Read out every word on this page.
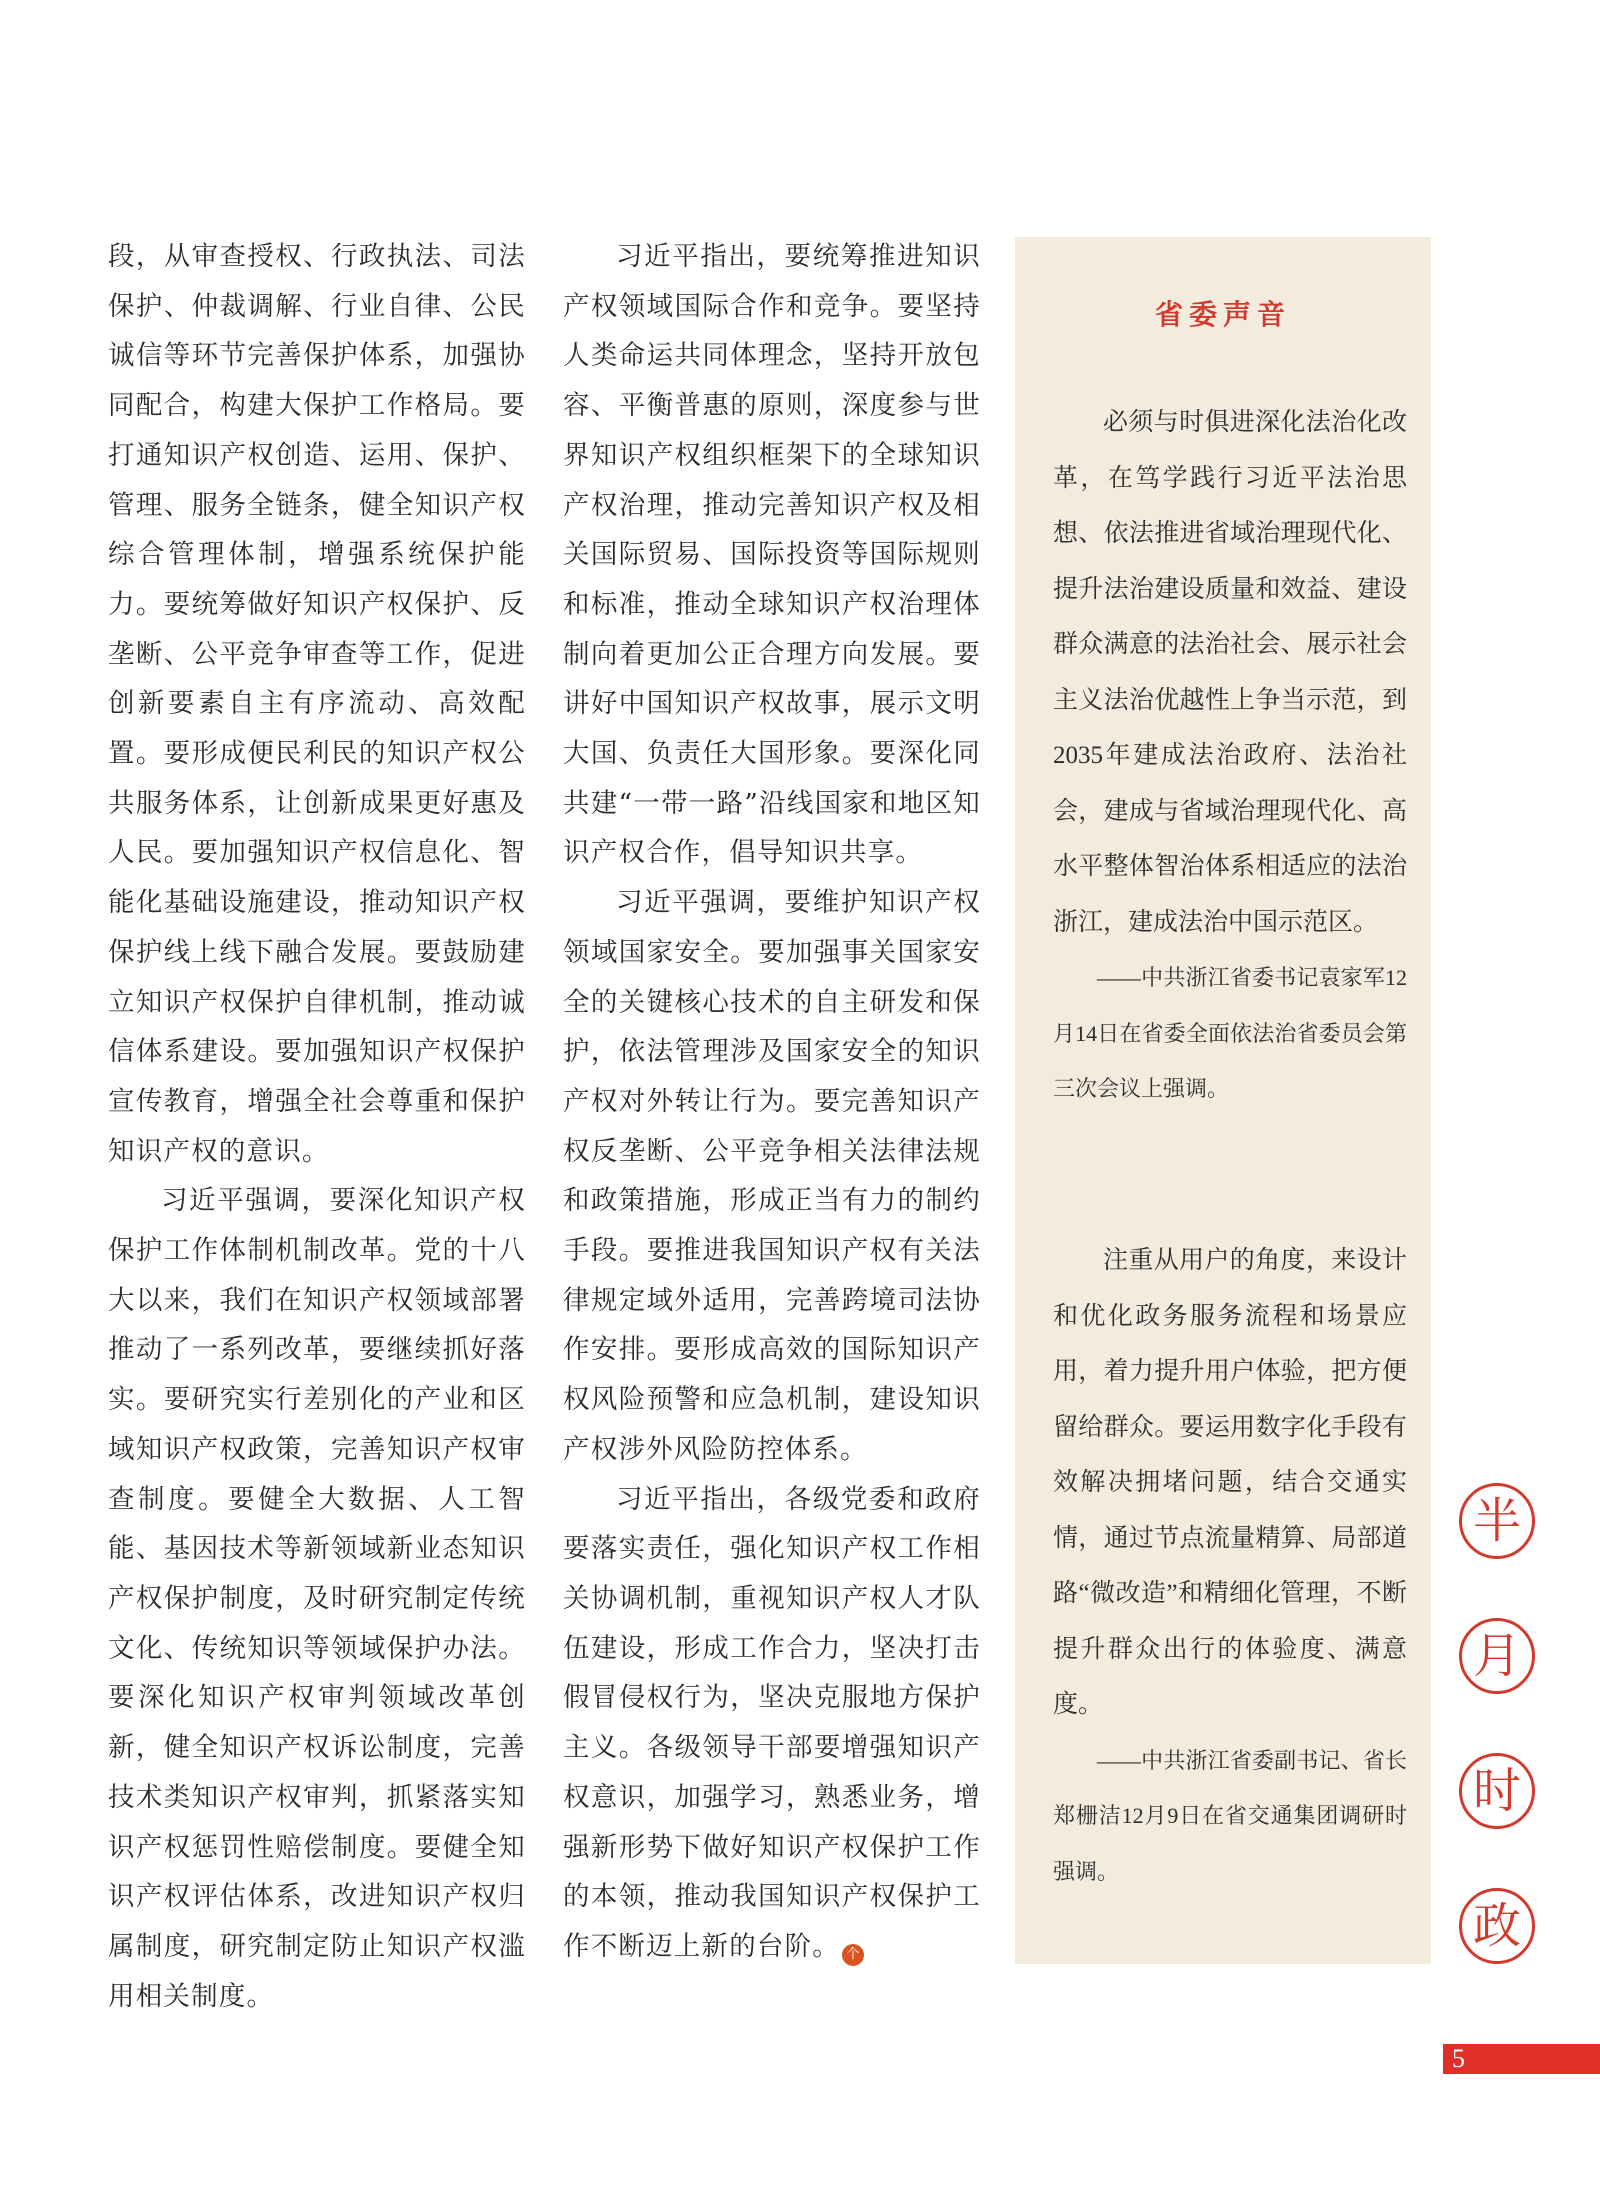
段，从审查授权、行政执法、司法保护、仲裁调解、行业自律、公民诚信等环节完善保护体系，加强协同配合，构建大保护工作格局。要打通知识产权创造、运用、保护、管理、服务全链条，健全知识产权综合管理体制，增强系统保护能力。要统筹做好知识产权保护、反垄断、公平竞争审查等工作，促进创新要素自主有序流动、高效配置。要形成便民利民的知识产权公共服务体系，让创新成果更好惠及人民。要加强知识产权信息化、智能化基础设施建设，推动知识产权保护线上线下融合发展。要鼓励建立知识产权保护自律机制，推动诚信体系建设。要加强知识产权保护宣传教育，增强全社会尊重和保护知识产权的意识。

习近平强调，要深化知识产权保护工作体制机制改革。党的十八大以来，我们在知识产权领域部署推动了一系列改革，要继续抓好落实。要研究实行差别化的产业和区域知识产权政策，完善知识产权审查制度。要健全大数据、人工智能、基因技术等新领域新业态知识产权保护制度，及时研究制定传统文化、传统知识等领域保护办法。要深化知识产权审判领域改革创新，健全知识产权诉讼制度，完善技术类知识产权审判，抓紧落实知识产权惩罚性赔偿制度。要健全知识产权评估体系，改进知识产权归属制度，研究制定防止知识产权滥用相关制度。

习近平指出，要统筹推进知识产权领域国际合作和竞争。要坚持人类命运共同体理念，坚持开放包容、平衡普惠的原则，深度参与世界知识产权组织框架下的全球知识产权治理，推动完善知识产权及相关国际贸易、国际投资等国际规则和标准，推动全球知识产权治理体制向着更加公正合理方向发展。要讲好中国知识产权故事，展示文明大国、负责任大国形象。要深化同共建“一带一路”沿线国家和地区知识产权合作，倡导知识共享。

习近平强调，要维护知识产权领域国家安全。要加强事关国家安全的关键核心技术的自主研发和保护，依法管理涉及国家安全的知识产权对外转让行为。要完善知识产权反垄断、公平竞争相关法律法规和政策措施，形成正当有力的制约手段。要推进我国知识产权有关法律规定域外适用，完善跨境司法协作安排。要形成高效的国际知识产权风险预警和应急机制，建设知识产权涉外风险防控体系。

习近平指出，各级党委和政府要落实责任，强化知识产权工作相关协调机制，重视知识产权人才队伍建设，形成工作合力，坚决打击假冒侵权行为，坚决克服地方保护主义。各级领导干部要增强知识产权意识，加强学习，熟悉业务，增强新形势下做好知识产权保护工作的本领，推动我国知识产权保护工作不断迈上新的台阶。 个

省委声音

必须与时俱进深化法治化改革，在笃学践行习近平法治思想、依法推进省域治理现代化、提升法治建设质量和效益、建设群众满意的法治社会、展示社会主义法治优越性上争当示范，到2035年建成法治政府、法治社会，建成与省域治理现代化、高水平整体智治体系相适应的法治浙江，建成法治中国示范区。

——中共浙江省委书记袁家军12月14日在省委全面依法治省委员会第三次会议上强调。

注重从用户的角度，来设计和优化政务服务流程和场景应用，着力提升用户体验，把方便留给群众。要运用数字化手段有效解决拥堵问题，结合交通实情，通过节点流量精算、局部道路“微改造”和精细化管理，不断提升群众出行的体验度、满意度。

——中共浙江省委副书记、省长郑栅洁12月9日在省交通集团调研时强调。

半
月
时
政
5
